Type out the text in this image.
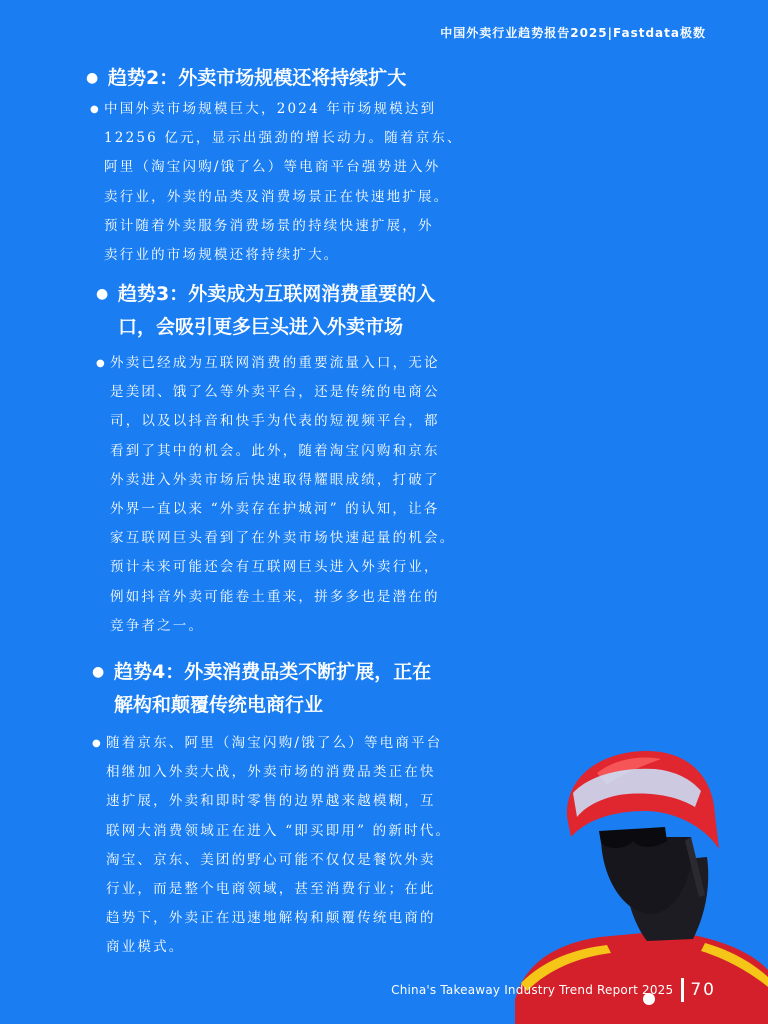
中国外卖行业趋势报告2025|Fastdata极数
● 趋势2：外卖市场规模还将持续扩大
● 中国外卖市场规模巨大，2024 年市场规模达到
12256 亿元，显示出强劲的增长动力。随着京东、
阿里（淘宝闪购/饿了么）等电商平台强势进入外
卖行业，外卖的品类及消费场景正在快速地扩展。
预计随着外卖服务消费场景的持续快速扩展，外
卖行业的市场规模还将持续扩大。
● 趋势3：外卖成为互联网消费重要的入
口，会吸引更多巨头进入外卖市场
● 外卖已经成为互联网消费的重要流量入口，无论
是美团、饿了么等外卖平台，还是传统的电商公
司，以及以抖音和快手为代表的短视频平台，都
看到了其中的机会。此外，随着淘宝闪购和京东
外卖进入外卖市场后快速取得耀眼成绩，打破了
外界一直以来 “外卖存在护城河” 的认知，让各
家互联网巨头看到了在外卖市场快速起量的机会。
预计未来可能还会有互联网巨头进入外卖行业，
例如抖音外卖可能卷土重来，拼多多也是潜在的
竞争者之一。
● 趋势4：外卖消费品类不断扩展，正在
解构和颠覆传统电商行业
● 随着京东、阿里（淘宝闪购/饿了么）等电商平台
相继加入外卖大战，外卖市场的消费品类正在快
速扩展，外卖和即时零售的边界越来越模糊，互
联网大消费领域正在进入 “即买即用” 的新时代。
淘宝、京东、美团的野心可能不仅仅是餐饮外卖
行业，而是整个电商领域，甚至消费行业；在此
趋势下，外卖正在迅速地解构和颠覆传统电商的
商业模式。
China's Takeaway Industry Trend Report 2025 70
